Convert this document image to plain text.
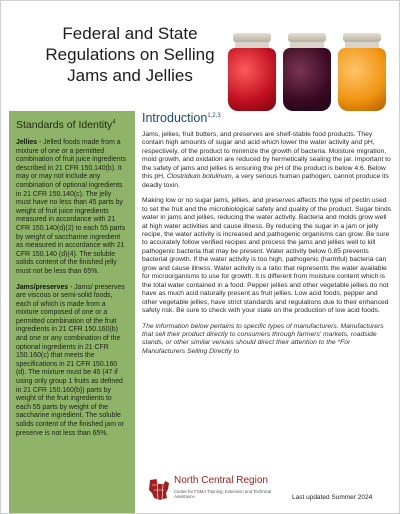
Federal and State Regulations on Selling Jams and Jellies
Standards of Identity$^4$

Jellies - Jelled foods made from a mixture of one or a permitted combination of fruit juice ingredients described in 21 CFR 150.140(b). It may or may not include any combination of optional ingredients in 21 CFR 150.140(c). The jelly must have no less than 45 parts by weight of fruit juice ingredients measured in accordance with 21 CFR 150.140(d)(2) to each 55 parts by weight of saccharine ingredient as measured in accordance with 21 CFR 150.140 (d)(4). The soluble solids content of the finished jelly must not be less than 65%.

Jams/preserves - Jams/ preserves are viscous or semi-solid foods, each of which is made from a mixture composed of one or a permitted combination of the fruit ingredients in 21 CFR 150.160(b) and one or any combination of the optional ingredients in 21 CFR 150.160(c) that meets the specifications in 21 CFR 150.160 (d). The mixture must be 45 (47 if using only group 1 fruits as defined in 21 CFR 150.160(b)) parts by weight of the fruit ingredients to each 55 parts by weight of the saccharine ingredient. The soluble solids content of the finished jam or preserve is not less than 65%.

Introduction$^{1,2,3}$

Jams, jellies, fruit butters, and preserves are shelf-stable food products. They contain high amounts of sugar and acid which lower the water activity and pH, respectively, of the product to minimize the growth of bacteria. Moisture migration, mold growth, and oxidation are reduced by hermetically sealing the jar. Important to the safety of jams and jellies is ensuring the pH of the product is below 4.6. Below this pH, Clostridium botulinum, a very serious human pathogen, cannot produce its deadly toxin.

Making low or no sugar jams, jellies, and preserves affects the type of pectin used to set the fruit and the microbiological safety and quality of the product. Sugar binds water in jams and jellies, reducing the water activity. Bacteria and molds grow well at high water activities and cause illness. By reducing the sugar in a jam or jelly recipe, the water activity is increased and pathogenic organisms can grow. Be sure to accurately follow verified recipes and process the jams and jellies well to kill pathogenic bacteria that may be present. Water activity below 0.85 prevents bacterial growth. If the water activity is too high, pathogenic (harmful) bacteria can grow and cause illness. Water activity is a ratio that represents the water available for microorganisms to use for growth. It is different from moisture content which is the total water contained in a food. Pepper jellies and other vegetable jellies do not have as much acid naturally present as fruit jellies. Low acid foods, pepper and other vegetable jellies, have strict standards and regulations due to their enhanced safety risk. Be sure to check with your state on the production of low acid foods.

The information below pertains to specific types of manufacturers. Manufacturers that sell their product directly to consumers through farmers' markets, roadside stands, or other similar venues should direct their attention to the *For Manufacturers Selling Directly to

North Central Region
Center for FSMA Training, Extension and Technical Assistance	Last updated Summer 2024
